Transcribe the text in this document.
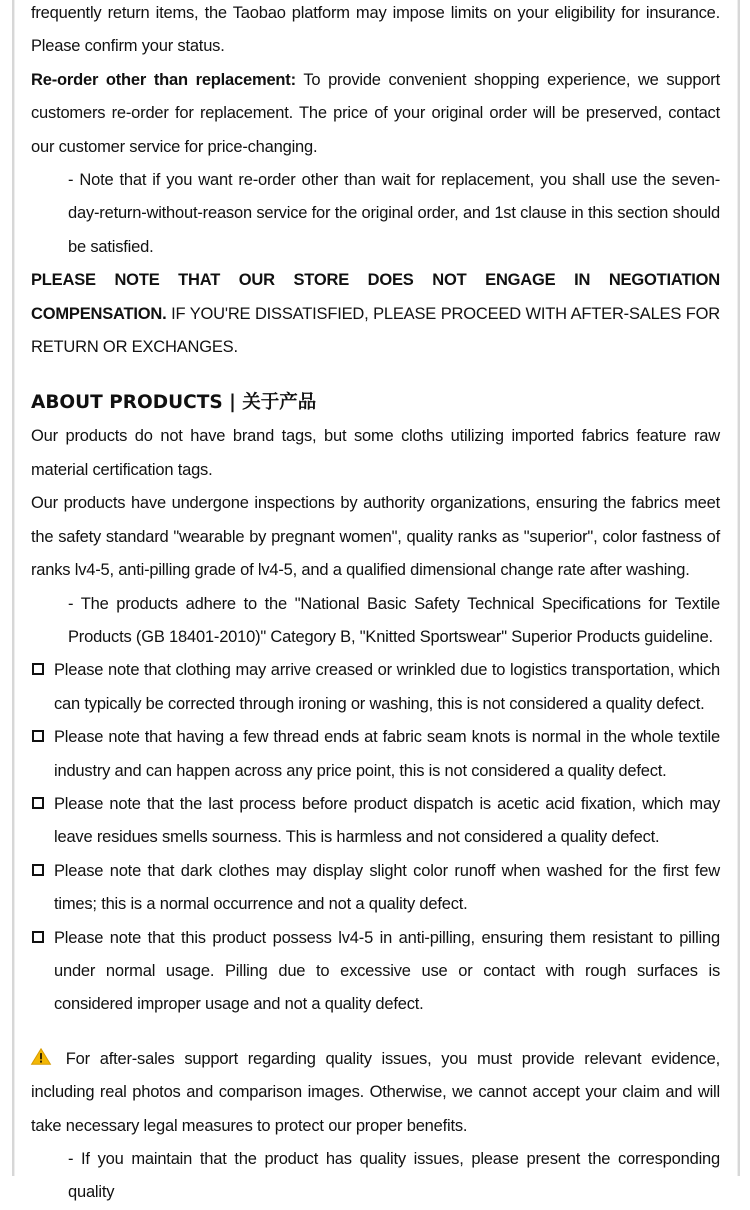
frequently return items, the Taobao platform may impose limits on your eligibility for insurance. Please confirm your status.

Re-order other than replacement: To provide convenient shopping experience, we support customers re-order for replacement. The price of your original order will be preserved, contact our customer service for price-changing.

- Note that if you want re-order other than wait for replacement, you shall use the seven-day-return-without-reason service for the original order, and 1st clause in this section should be satisfied.

PLEASE NOTE THAT OUR STORE DOES NOT ENGAGE IN NEGOTIATION COMPENSATION. IF YOU'RE DISSATISFIED, PLEASE PROCEED WITH AFTER-SALES FOR RETURN OR EXCHANGES.

ABOUT PRODUCTS | 关于产品

Our products do not have brand tags, but some cloths utilizing imported fabrics feature raw material certification tags.

Our products have undergone inspections by authority organizations, ensuring the fabrics meet the safety standard "wearable by pregnant women", quality ranks as "superior", color fastness of ranks lv4-5, anti-pilling grade of lv4-5, and a qualified dimensional change rate after washing.

- The products adhere to the "National Basic Safety Technical Specifications for Textile Products (GB 18401-2010)" Category B, "Knitted Sportswear" Superior Products guideline.

Please note that clothing may arrive creased or wrinkled due to logistics transportation, which can typically be corrected through ironing or washing, this is not considered a quality defect.
Please note that having a few thread ends at fabric seam knots is normal in the whole textile industry and can happen across any price point, this is not considered a quality defect.
Please note that the last process before product dispatch is acetic acid fixation, which may leave residues smells sourness. This is harmless and not considered a quality defect.
Please note that dark clothes may display slight color runoff when washed for the first few times; this is a normal occurrence and not a quality defect.
Please note that this product possess lv4-5 in anti-pilling, ensuring them resistant to pilling under normal usage. Pilling due to excessive use or contact with rough surfaces is considered improper usage and not a quality defect.

For after-sales support regarding quality issues, you must provide relevant evidence, including real photos and comparison images. Otherwise, we cannot accept your claim and will take necessary legal measures to protect our proper benefits.

- If you maintain that the product has quality issues, please present the corresponding quality
